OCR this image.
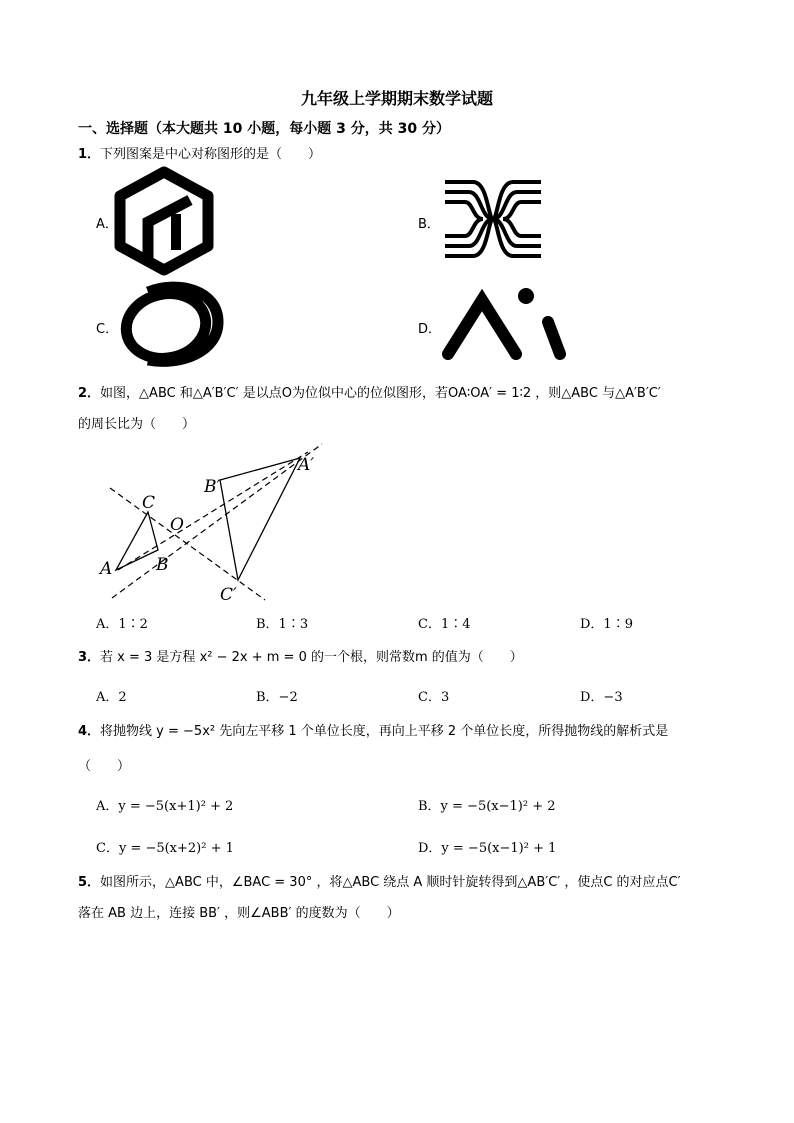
九年级上学期期末数学试题
一、选择题（本大题共 10 小题，每小题 3 分，共 30 分）
1．下列图案是中心对称图形的是（　　）
A．	B．
C．	D．
2．如图，△ABC 和△A′B′C′ 是以点O为位似中心的位似图形，若OA∶OA′ = 1∶2 ，则△ABC 与△A′B′C′
的周长比为（　　）
C
B
A
O
B′
A′
C′
A．1∶2	B．1∶3	C．1∶4	D．1∶9
3．若 x = 3 是方程 x² − 2x + m = 0 的一个根，则常数m 的值为（　　）
A．2	B．−2	C．3	D．−3
4．将抛物线 y = −5x² 先向左平移 1 个单位长度，再向上平移 2 个单位长度，所得抛物线的解析式是
（　　）
A．y = −5(x+1)² + 2	B．y = −5(x−1)² + 2
C．y = −5(x+2)² + 1	D．y = −5(x−1)² + 1
5．如图所示，△ABC 中，∠BAC = 30° ，将△ABC 绕点 A 顺时针旋转得到△AB′C′ ，使点C 的对应点C′
落在 AB 边上，连接 BB′ ，则∠ABB′ 的度数为（　　）
